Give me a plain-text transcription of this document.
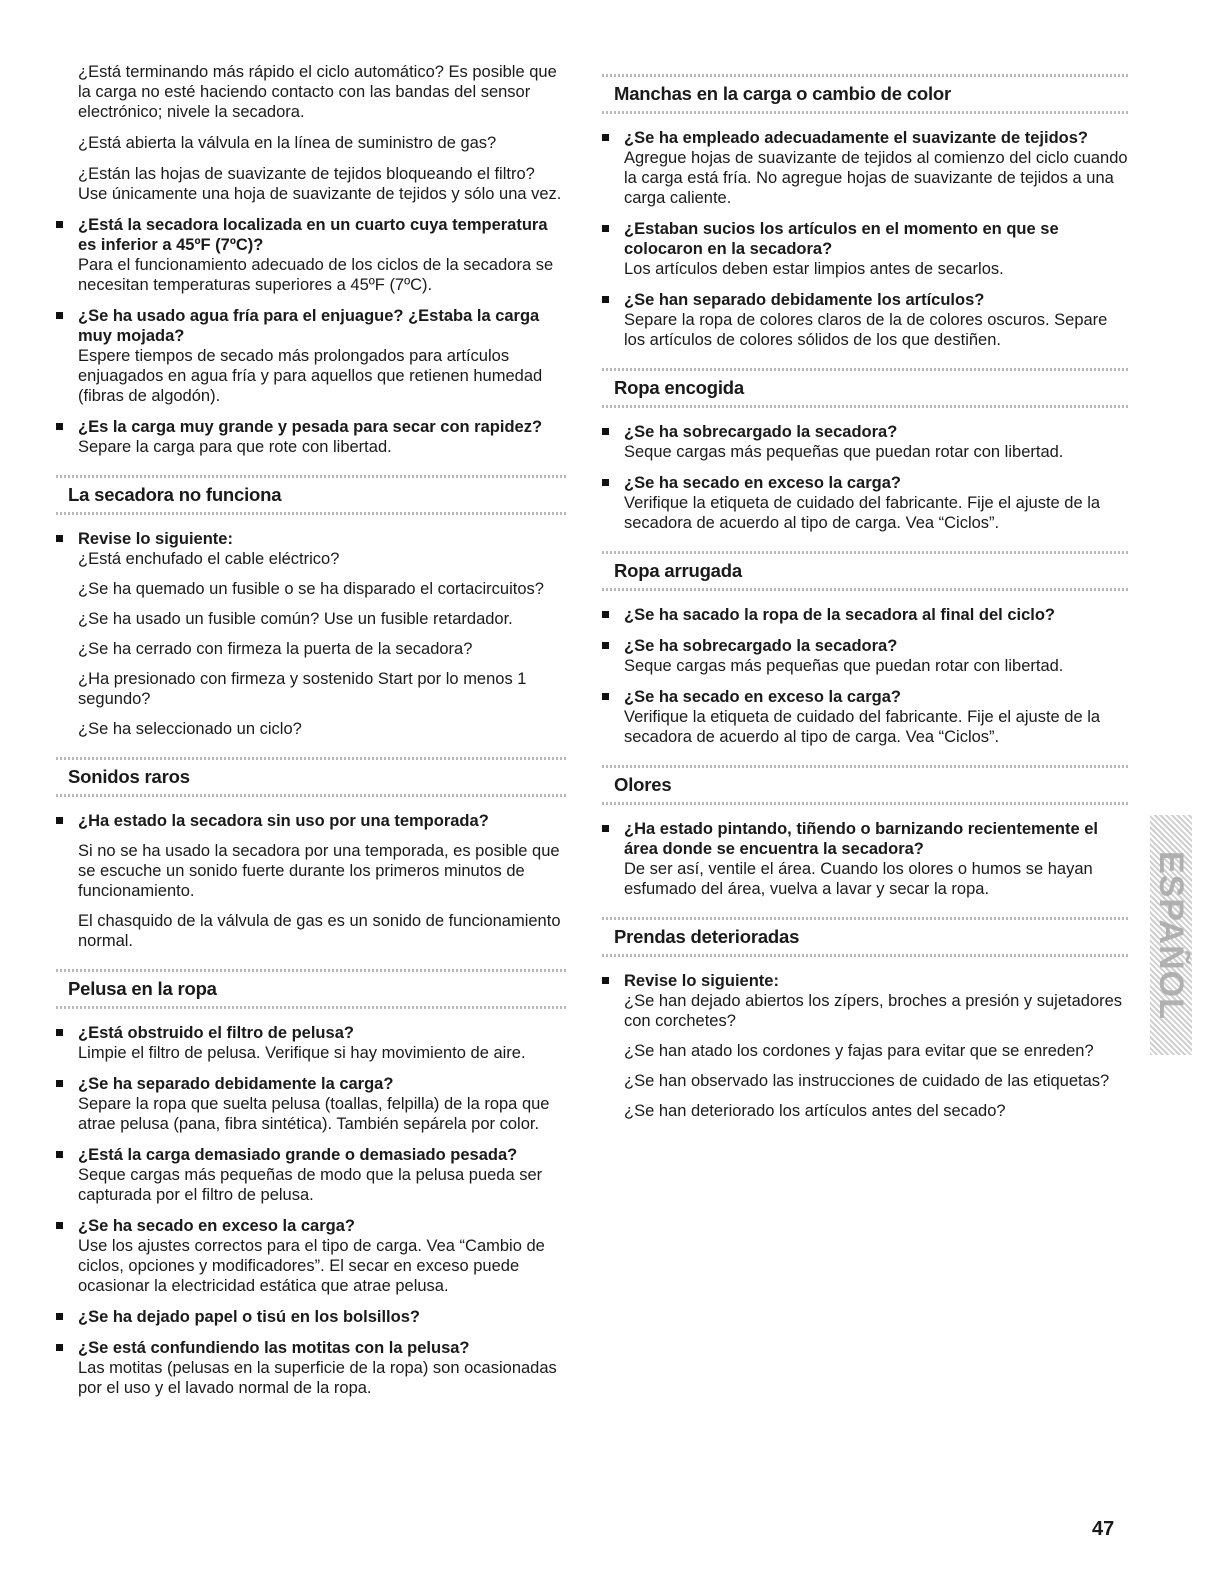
¿Está terminando más rápido el ciclo automático? Es posible que la carga no esté haciendo contacto con las bandas del sensor electrónico; nivele la secadora.

¿Está abierta la válvula en la línea de suministro de gas?

¿Están las hojas de suavizante de tejidos bloqueando el filtro? Use únicamente una hoja de suavizante de tejidos y sólo una vez.

¿Está la secadora localizada en un cuarto cuya temperatura es inferior a 45ºF (7ºC)?

Para el funcionamiento adecuado de los ciclos de la secadora se necesitan temperaturas superiores a 45ºF (7ºC).

¿Se ha usado agua fría para el enjuague? ¿Estaba la carga muy mojada?

Espere tiempos de secado más prolongados para artículos enjuagados en agua fría y para aquellos que retienen humedad (fibras de algodón).

¿Es la carga muy grande y pesada para secar con rapidez?

Separe la carga para que rote con libertad.

La secadora no funciona

Revise lo siguiente:

¿Está enchufado el cable eléctrico?

¿Se ha quemado un fusible o se ha disparado el cortacircuitos?

¿Se ha usado un fusible común? Use un fusible retardador.

¿Se ha cerrado con firmeza la puerta de la secadora?

¿Ha presionado con firmeza y sostenido Start por lo menos 1 segundo?

¿Se ha seleccionado un ciclo?

Sonidos raros

¿Ha estado la secadora sin uso por una temporada?

Si no se ha usado la secadora por una temporada, es posible que se escuche un sonido fuerte durante los primeros minutos de funcionamiento.

El chasquido de la válvula de gas es un sonido de funcionamiento normal.

Pelusa en la ropa

¿Está obstruido el filtro de pelusa?

Limpie el filtro de pelusa. Verifique si hay movimiento de aire.

¿Se ha separado debidamente la carga?

Separe la ropa que suelta pelusa (toallas, felpilla) de la ropa que atrae pelusa (pana, fibra sintética). También sepárela por color.

¿Está la carga demasiado grande o demasiado pesada?

Seque cargas más pequeñas de modo que la pelusa pueda ser capturada por el filtro de pelusa.

¿Se ha secado en exceso la carga?

Use los ajustes correctos para el tipo de carga. Vea “Cambio de ciclos, opciones y modificadores”. El secar en exceso puede ocasionar la electricidad estática que atrae pelusa.

¿Se ha dejado papel o tisú en los bolsillos?

¿Se está confundiendo las motitas con la pelusa?

Las motitas (pelusas en la superficie de la ropa) son ocasionadas por el uso y el lavado normal de la ropa.

Manchas en la carga o cambio de color

¿Se ha empleado adecuadamente el suavizante de tejidos?

Agregue hojas de suavizante de tejidos al comienzo del ciclo cuando la carga está fría. No agregue hojas de suavizante de tejidos a una carga caliente.

¿Estaban sucios los artículos en el momento en que se colocaron en la secadora?

Los artículos deben estar limpios antes de secarlos.

¿Se han separado debidamente los artículos?

Separe la ropa de colores claros de la de colores oscuros. Separe los artículos de colores sólidos de los que destiñen.

Ropa encogida

¿Se ha sobrecargado la secadora?

Seque cargas más pequeñas que puedan rotar con libertad.

¿Se ha secado en exceso la carga?

Verifique la etiqueta de cuidado del fabricante. Fije el ajuste de la secadora de acuerdo al tipo de carga. Vea “Ciclos”.

Ropa arrugada

¿Se ha sacado la ropa de la secadora al final del ciclo?

¿Se ha sobrecargado la secadora?

Seque cargas más pequeñas que puedan rotar con libertad.

¿Se ha secado en exceso la carga?

Verifique la etiqueta de cuidado del fabricante. Fije el ajuste de la secadora de acuerdo al tipo de carga. Vea “Ciclos”.

Olores

¿Ha estado pintando, tiñendo o barnizando recientemente el área donde se encuentra la secadora?

De ser así, ventile el área. Cuando los olores o humos se hayan esfumado del área, vuelva a lavar y secar la ropa.

Prendas deterioradas

Revise lo siguiente:

¿Se han dejado abiertos los zípers, broches a presión y sujetadores con corchetes?

¿Se han atado los cordones y fajas para evitar que se enreden?

¿Se han observado las instrucciones de cuidado de las etiquetas?

¿Se han deteriorado los artículos antes del secado?

ESPAÑOL
47
